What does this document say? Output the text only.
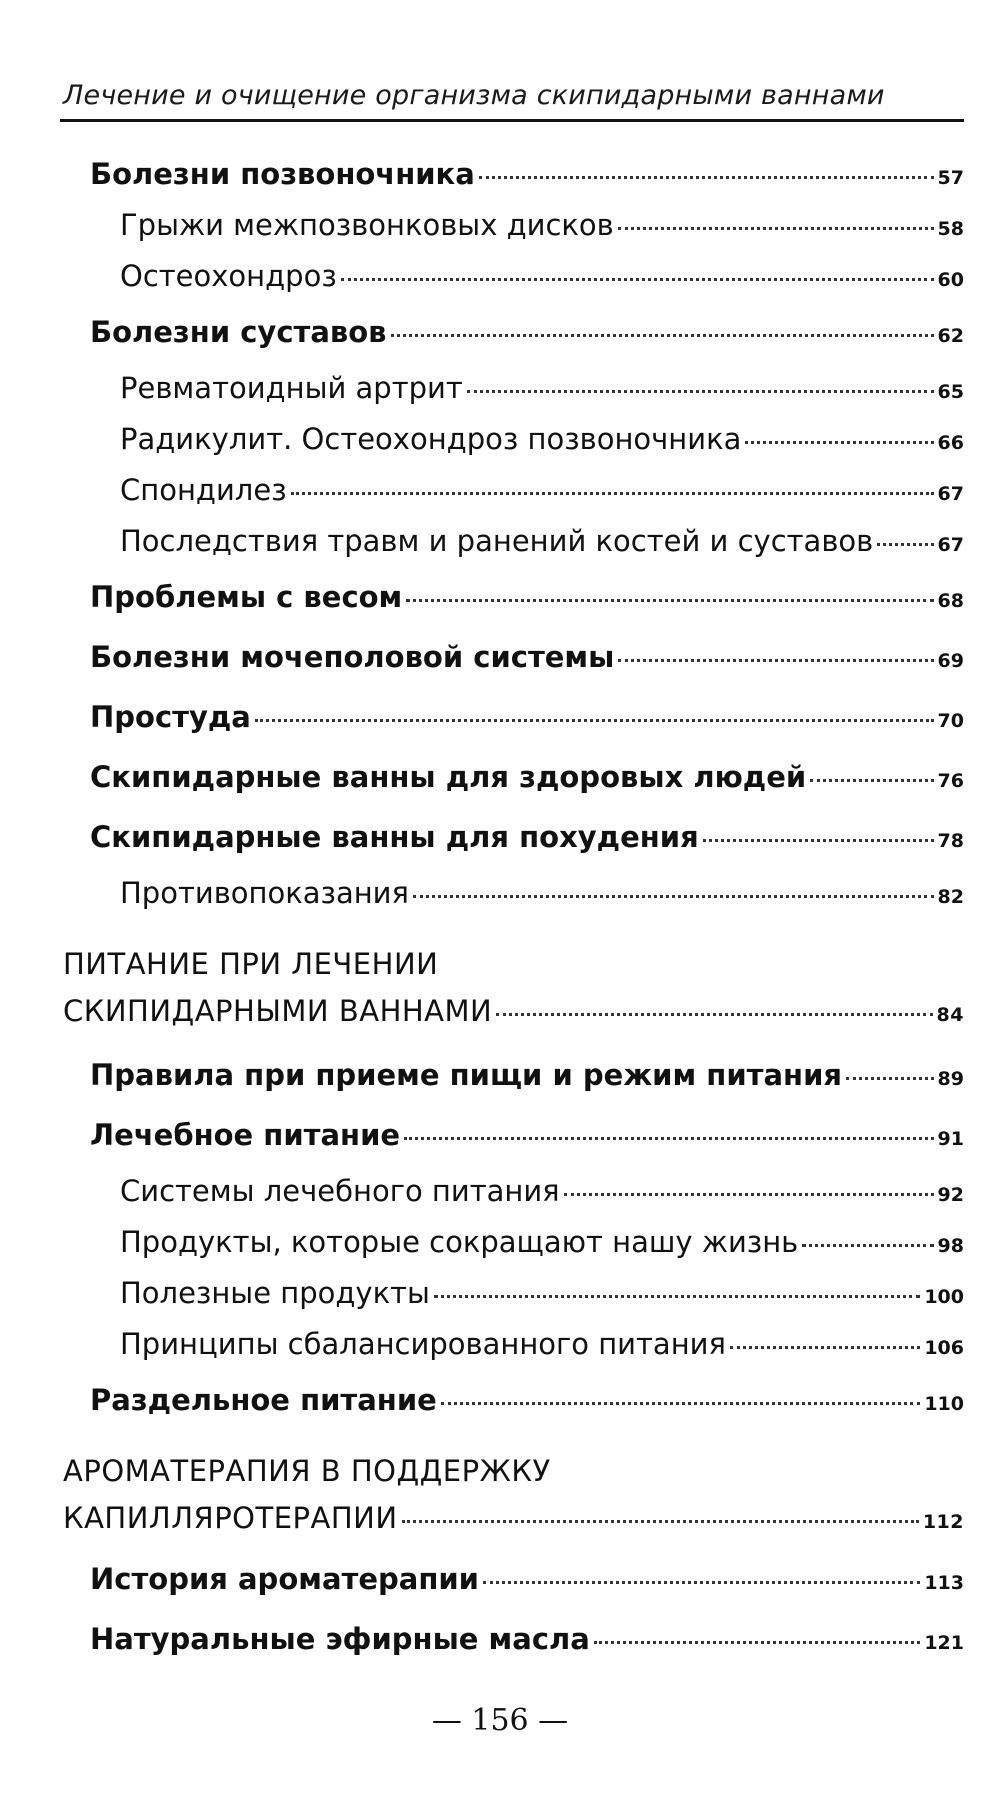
Лечение и очищение организма скипидарными ваннами
Болезни позвоночника	57
Грыжи межпозвонковых дисков	58
Остеохондроз	60
Болезни суставов	62
Ревматоидный артрит	65
Радикулит. Остеохондроз позвоночника	66
Спондилез	67
Последствия травм и ранений костей и суставов	67
Проблемы с весом	68
Болезни мочеполовой системы	69
Простуда	70
Скипидарные ванны для здоровых людей	76
Скипидарные ванны для похудения	78
Противопоказания	82
ПИТАНИЕ ПРИ ЛЕЧЕНИИ
СКИПИДАРНЫМИ ВАННАМИ	84
Правила при приеме пищи и режим питания	89
Лечебное питание	91
Системы лечебного питания	92
Продукты, которые сокращают нашу жизнь	98
Полезные продукты	100
Принципы сбалансированного питания	106
Раздельное питание	110
АРОМАТЕРАПИЯ В ПОДДЕРЖКУ
КАПИЛЛЯРОТЕРАПИИ	112
История ароматерапии	113
Натуральные эфирные масла	121
— 156 —
